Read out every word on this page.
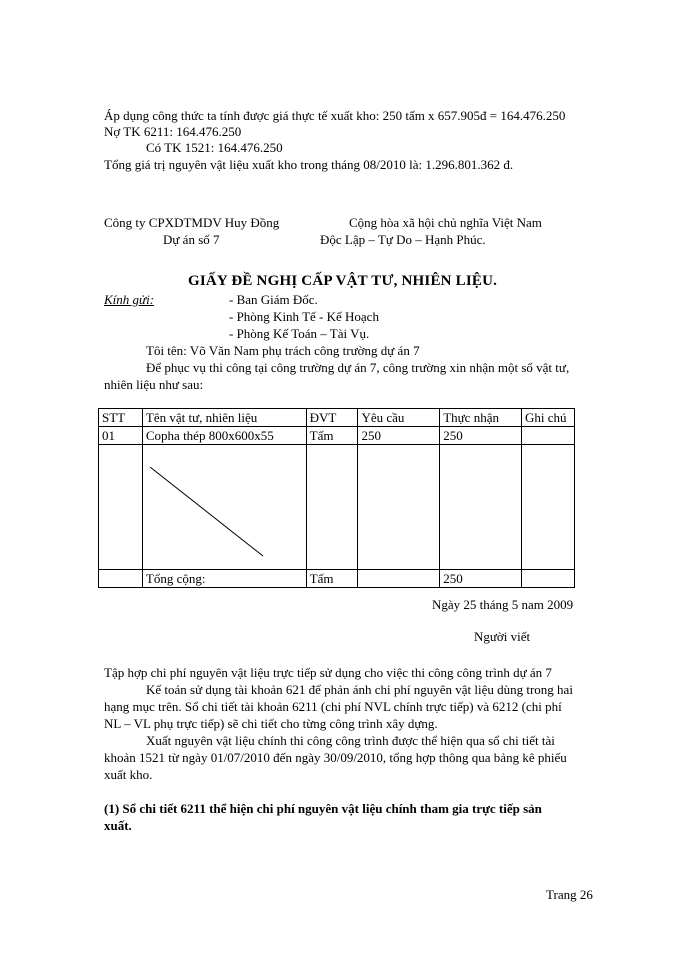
Áp dụng công thức ta tính được giá thực tế xuất kho: 250 tấm x 657.905đ = 164.476.250
Nợ TK 6211: 164.476.250
Có TK 1521: 164.476.250
Tổng giá trị nguyên vật liệu xuất kho trong tháng 08/2010 là: 1.296.801.362 đ.
Công ty CPXDTMDV Huy Đồng
Dự án số 7
Cộng hòa xã hội chủ nghĩa Việt Nam
Độc Lập – Tự Do – Hạnh Phúc.
GIẤY ĐỀ NGHỊ CẤP VẬT TƯ, NHIÊN LIỆU.
Kính gửi:	- Ban Giám Đốc.
- Phòng Kinh Tế - Kế Hoạch
- Phòng Kế Toán – Tài Vụ.
Tôi tên: Võ Văn Nam phụ trách công trường dự án 7
Để phục vụ thi công tại công trường dự án 7, công trường xin nhận một số vật tư,
nhiên liệu như sau:
STT	Tên vật tư, nhiên liệu	ĐVT	Yêu cầu	Thực nhận	Ghi chú
01	Copha thép 800x600x55	Tấm	250	250	

	Tổng cộng:	Tấm		250	
Ngày 25 tháng 5 nam 2009
Người viết
Tập hợp chi phí nguyên vật liệu trực tiếp sử dụng cho việc thi công công trình dự án 7
Kế toán sử dụng tài khoản 621 để phản ánh chi phí nguyên vật liệu dùng trong hai
hạng mục trên. Sổ chi tiết tài khoản 6211 (chi phí NVL chính trực tiếp) và 6212 (chi phí
NL – VL phụ trực tiếp) sẽ chi tiết cho từng công trình xây dựng.
Xuất nguyên vật liệu chính thi công công trình được thể hiện qua sổ chi tiết tài
khoản 1521 từ ngày 01/07/2010 đến ngày 30/09/2010, tổng hợp thông qua bảng kê phiếu
xuất kho.
(1) Sổ chi tiết 6211 thể hiện chi phí nguyên vật liệu chính tham gia trực tiếp sản
xuất.
Trang 26
